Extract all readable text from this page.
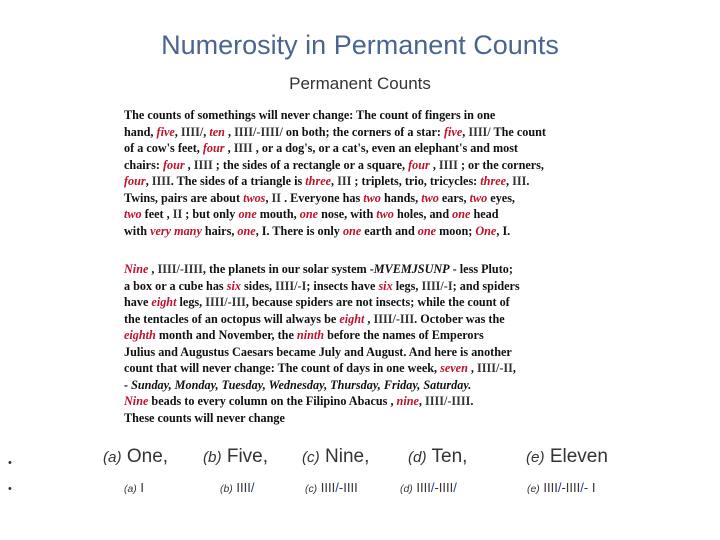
Numerosity in Permanent Counts
Permanent Counts
The counts of somethings will never change: The count of fingers in one
hand, five, IIII/, ten , IIII/-IIII/ on both; the corners of a star: five, IIII/ The count
of a cow's feet, four , IIII , or a dog's, or a cat's, even an elephant's and most
chairs: four , IIII ; the sides of a rectangle or a square, four , IIII ; or the corners,
four, IIII. The sides of a triangle is three, III ; triplets, trio, tricycles: three, III.
Twins, pairs are about twos, II . Everyone has two hands, two ears, two eyes,
two feet , II ; but only one mouth, one nose, with two holes, and one head
with very many hairs, one, I. There is only one earth and one moon; One, I.
Nine , IIII/-IIII, the planets in our solar system -MVEMJSUNP - less Pluto;
a box or a cube has six sides, IIII/-I; insects have six legs, IIII/-I; and spiders
have eight legs, IIII/-III, because spiders are not insects; while the count of
the tentacles of an octopus will always be eight , IIII/-III. October was the
eighth month and November, the ninth before the names of Emperors
Julius and Augustus Caesars became July and August. And here is another
count that will never change: The count of days in one week, seven , IIII/-II,
- Sunday, Monday, Tuesday, Wednesday, Thursday, Friday, Saturday.
Nine beads to every column on the Filipino Abacus , nine, IIII/-IIII.
These counts will never change
•	(a) One, (b) Five, (c) Nine,	(d) Ten,	(e) Eleven
•	(a) I	(b) IIII/	(c) IIII/-IIII	(d) IIII/-IIII/	(e) IIII/-IIII/- I
